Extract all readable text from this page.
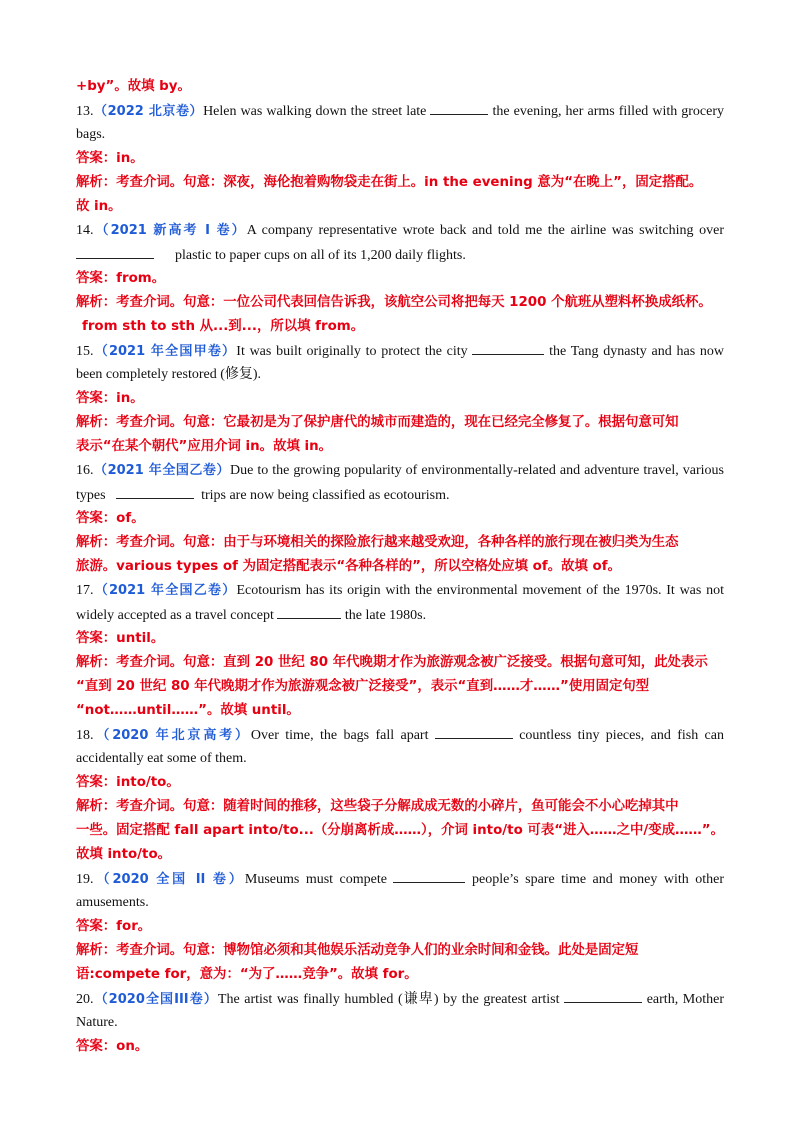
+by”。故填 by。
13.（2022 北京卷）Helen was walking down the street late	the evening, her arms filled with grocery
bags.
答案：in。
解析：考查介词。句意：深夜，海伦抱着购物袋走在街上。in the evening 意为“在晚上”，固定搭配。
故 in。
14.（2021 新高考 I 卷）A company representative wrote back and told me the airline was switching over
plastic to paper cups on all of its 1,200 daily flights.
答案：from。
解析：考查介词。句意：一位公司代表回信告诉我，该航空公司将把每天 1200 个航班从塑料杯换成纸杯。
from sth to sth 从...到...，所以填 from。
15.（2021 年全国甲卷）It was built originally to protect the city	the Tang dynasty and has now
been completely restored (修复).
答案：in。
解析：考查介词。句意：它最初是为了保护唐代的城市而建造的，现在已经完全修复了。根据句意可知
表示“在某个朝代”应用介词 in。故填 in。
16.（2021 年全国乙卷）Due to the growing popularity of environmentally-related and adventure travel, various
types	trips are now being classified as ecotourism.
答案：of。
解析：考查介词。句意：由于与环境相关的探险旅行越来越受欢迎，各种各样的旅行现在被归类为生态
旅游。various types of 为固定搭配表示“各种各样的”，所以空格处应填 of。故填 of。
17.（2021 年全国乙卷）Ecotourism has its origin with the environmental movement of the 1970s. It was not
widely accepted as a travel concept	the late 1980s.
答案：until。
解析：考查介词。句意：直到 20 世纪 80 年代晚期才作为旅游观念被广泛接受。根据句意可知，此处表示
“直到 20 世纪 80 年代晚期才作为旅游观念被广泛接受”，表示“直到……才……”使用固定句型
“not……until……”。故填 until。
18.（2020 年北京高考）Over time, the bags fall apart	countless tiny pieces, and fish can
accidentally eat some of them.
答案：into/to。
解析：考查介词。句意：随着时间的推移，这些袋子分解成成无数的小碎片，鱼可能会不小心吃掉其中
一些。固定搭配 fall apart into/to...（分崩离析成……），介词 into/to 可表“进入……之中/变成……”。
故填 into/to。
19.（2020 全国 II 卷）Museums must compete	people’s spare time and money with other
amusements.
答案：for。
解析：考查介词。句意：博物馆必须和其他娱乐活动竞争人们的业余时间和金钱。此处是固定短
语:compete for，意为：“为了……竞争”。故填 for。
20.（2020全国III卷）The artist was finally humbled (谦卑) by the greatest artist	earth, Mother
Nature.
答案：on。
